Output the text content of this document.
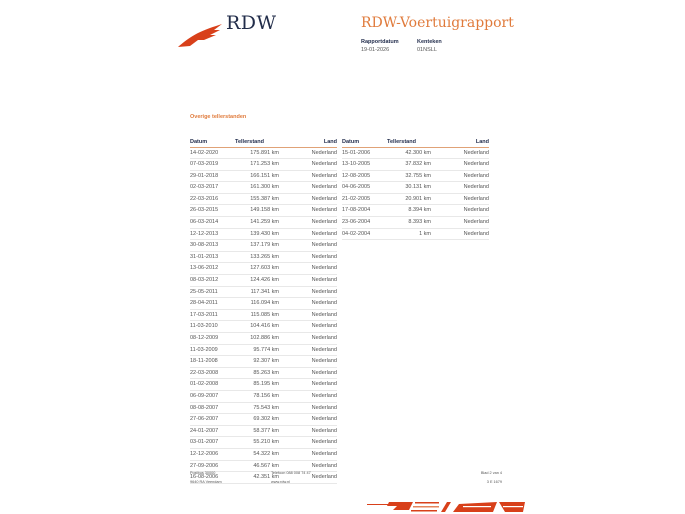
RDW	RDW-Voertuigrapport
Rapportdatum
19-01-2026
Kenteken
01NSLL
Overige tellerstanden
Datum	Tellerstand	Land
14-02-2020	175.891 km	Nederland
07-03-2019	171.253 km	Nederland
29-01-2018	166.151 km	Nederland
02-03-2017	161.300 km	Nederland
22-03-2016	155.387 km	Nederland
26-03-2015	149.158 km	Nederland
06-03-2014	141.259 km	Nederland
12-12-2013	139.430 km	Nederland
30-08-2013	137.179 km	Nederland
31-01-2013	133.265 km	Nederland
13-06-2012	127.603 km	Nederland
08-03-2012	124.426 km	Nederland
25-05-2011	117.341 km	Nederland
28-04-2011	116.094 km	Nederland
17-03-2011	115.085 km	Nederland
11-03-2010	104.416 km	Nederland
08-12-2009	102.886 km	Nederland
11-03-2009	95.774 km	Nederland
18-11-2008	92.307 km	Nederland
22-03-2008	85.263 km	Nederland
01-02-2008	85.195 km	Nederland
06-09-2007	78.156 km	Nederland
08-08-2007	75.543 km	Nederland
27-06-2007	69.302 km	Nederland
24-01-2007	58.377 km	Nederland
03-01-2007	55.210 km	Nederland
12-12-2006	54.322 km	Nederland
27-09-2006	46.567 km	Nederland
16-08-2006	42.351 km	Nederland
Datum	Tellerstand	Land
15-01-2006	42.300 km	Nederland
13-10-2005	37.832 km	Nederland
12-08-2005	32.755 km	Nederland
04-06-2005	30.131 km	Nederland
21-02-2005	20.901 km	Nederland
17-08-2004	8.394 km	Nederland
23-06-2004	8.393 km	Nederland
04-02-2004	1 km	Nederland
Postbus 30000
9640 RA Veendam
Telefoon 088 008 74 47
www.rdw.nl
Blad 2 van 4
3 E 1679
